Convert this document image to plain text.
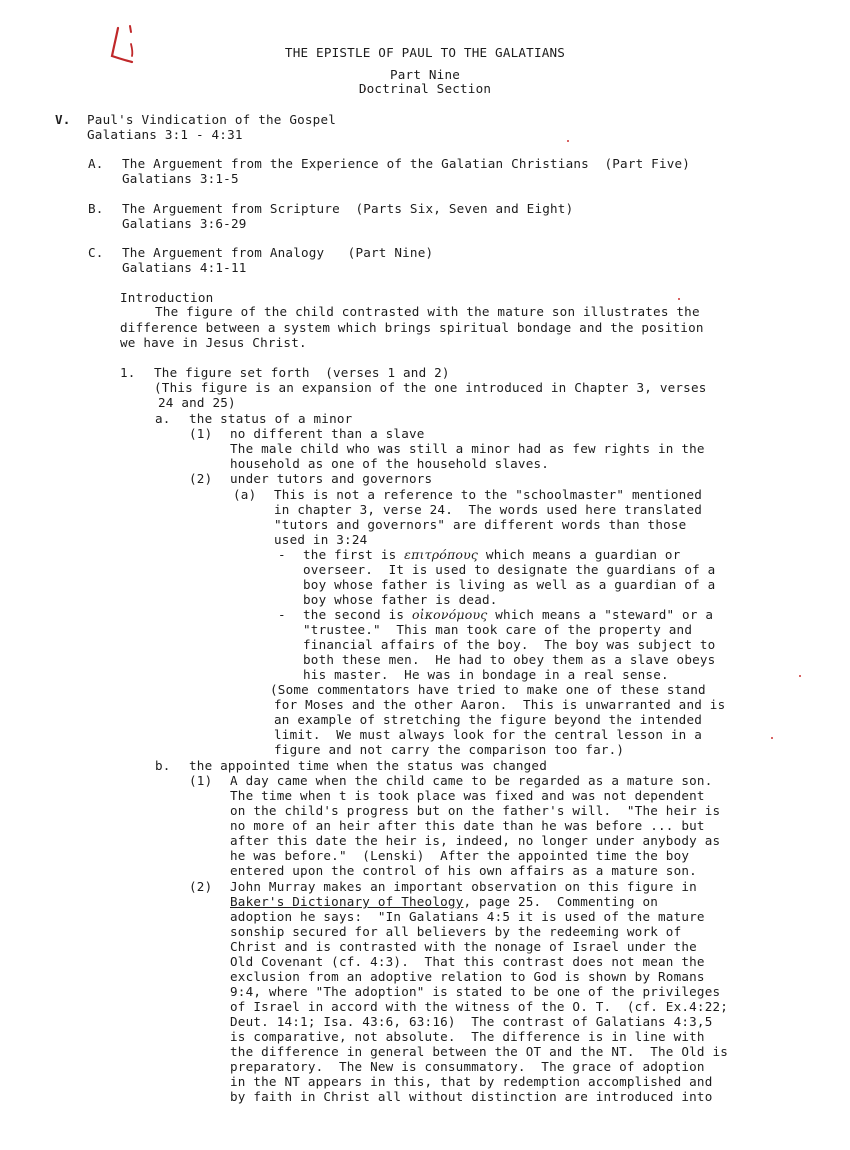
THE EPISTLE OF PAUL TO THE GALATIANS
Part Nine
Doctrinal Section
V. Paul's Vindication of the Gospel
Galatians 3:1 - 4:31
A. The Arguement from the Experience of the Galatian Christians  (Part Five)
Galatians 3:1-5
B. The Arguement from Scripture  (Parts Six, Seven and Eight)
Galatians 3:6-29
C. The Arguement from Analogy   (Part Nine)
Galatians 4:1-11
Introduction
The figure of the child contrasted with the mature son illustrates the
difference between a system which brings spiritual bondage and the position
we have in Jesus Christ.
1. The figure set forth  (verses 1 and 2)
(This figure is an expansion of the one introduced in Chapter 3, verses
24 and 25)
a. the status of a minor
(1) no different than a slave
The male child who was still a minor had as few rights in the
household as one of the household slaves.
(2) under tutors and governors
(a) This is not a reference to the "schoolmaster" mentioned
in chapter 3, verse 24.  The words used here translated
"tutors and governors" are different words than those
used in 3:24
- the first is επιτρόπους which means a guardian or
overseer.  It is used to designate the guardians of a
boy whose father is living as well as a guardian of a
boy whose father is dead.
- the second is οἰκονόμους which means a "steward" or a
"trustee."  This man took care of the property and
financial affairs of the boy.  The boy was subject to
both these men.  He had to obey them as a slave obeys
his master.  He was in bondage in a real sense.
(Some commentators have tried to make one of these stand
for Moses and the other Aaron.  This is unwarranted and is
an example of stretching the figure beyond the intended
limit.  We must always look for the central lesson in a
figure and not carry the comparison too far.)
b. the appointed time when the status was changed
(1) A day came when the child came to be regarded as a mature son.
The time when t is took place was fixed and was not dependent
on the child's progress but on the father's will.  "The heir is
no more of an heir after this date than he was before ... but
after this date the heir is, indeed, no longer under anybody as
he was before."  (Lenski)  After the appointed time the boy
entered upon the control of his own affairs as a mature son.
(2) John Murray makes an important observation on this figure in
Baker's Dictionary of Theology, page 25.  Commenting on
adoption he says:  "In Galatians 4:5 it is used of the mature
sonship secured for all believers by the redeeming work of
Christ and is contrasted with the nonage of Israel under the
Old Covenant (cf. 4:3).  That this contrast does not mean the
exclusion from an adoptive relation to God is shown by Romans
9:4, where "The adoption" is stated to be one of the privileges
of Israel in accord with the witness of the O. T.  (cf. Ex.4:22;
Deut. 14:1; Isa. 43:6, 63:16)  The contrast of Galatians 4:3,5
is comparative, not absolute.  The difference is in line with
the difference in general between the OT and the NT.  The Old is
preparatory.  The New is consummatory.  The grace of adoption
in the NT appears in this, that by redemption accomplished and
by faith in Christ all without distinction are introduced into
